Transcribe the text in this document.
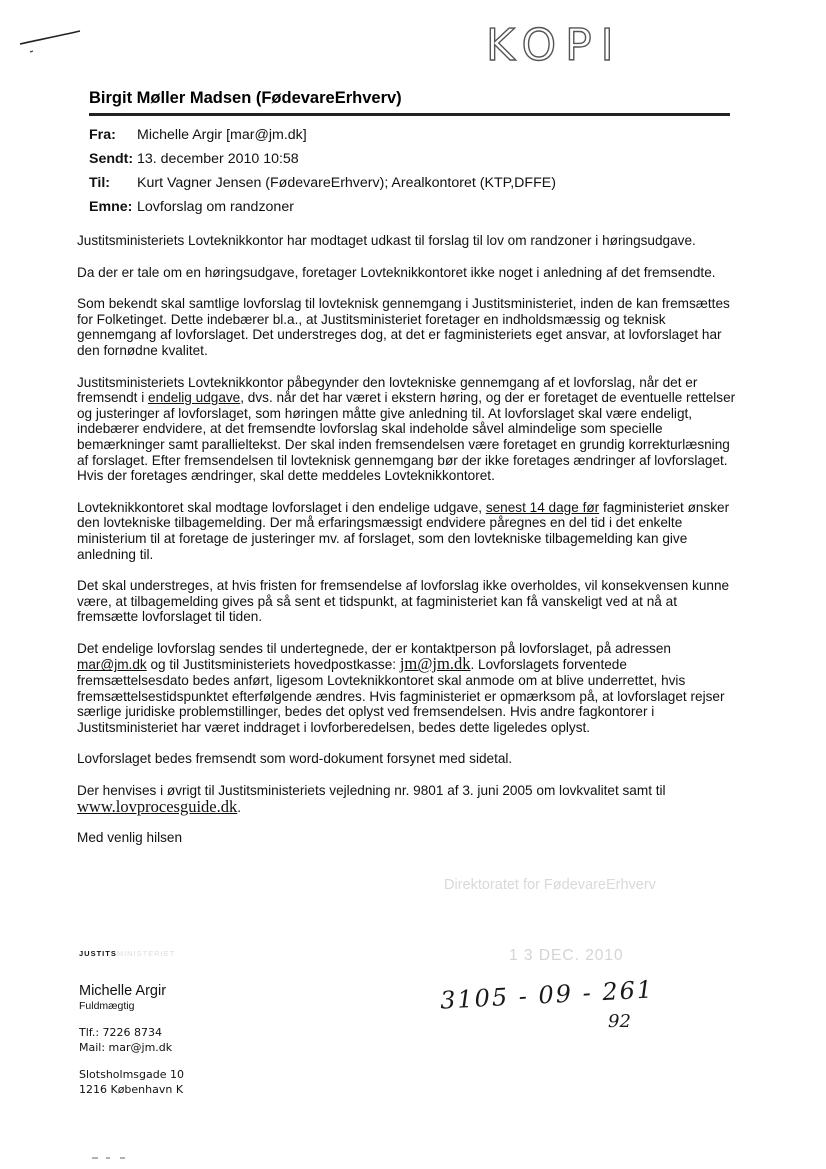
KOPI
Birgit Møller Madsen (FødevareErhverv)
Fra:	Michelle Argir [mar@jm.dk]
Sendt: 13. december 2010 10:58
Til:	Kurt Vagner Jensen (FødevareErhverv); Arealkontoret (KTP,DFFE)
Emne: Lovforslag om randzoner

Justitsministeriets Lovteknikkontor har modtaget udkast til forslag til lov om randzoner i høringsudgave.

Da der er tale om en høringsudgave, foretager Lovteknikkontoret ikke noget i anledning af det fremsendte.

Som bekendt skal samtlige lovforslag til lovteknisk gennemgang i Justitsministeriet, inden de kan fremsættes
for Folketinget. Dette indebærer bl.a., at Justitsministeriet foretager en indholdsmæssig og teknisk
gennemgang af lovforslaget. Det understreges dog, at det er fagministeriets eget ansvar, at lovforslaget har
den fornødne kvalitet.

Justitsministeriets Lovteknikkontor påbegynder den lovtekniske gennemgang af et lovforslag, når det er
fremsendt i endelig udgave, dvs. når det har været i ekstern høring, og der er foretaget de eventuelle rettelser
og justeringer af lovforslaget, som høringen måtte give anledning til. At lovforslaget skal være endeligt,
indebærer endvidere, at det fremsendte lovforslag skal indeholde såvel almindelige som specielle
bemærkninger samt parallieltekst. Der skal inden fremsendelsen være foretaget en grundig korrekturlæsning
af forslaget. Efter fremsendelsen til lovteknisk gennemgang bør der ikke foretages ændringer af lovforslaget.
Hvis der foretages ændringer, skal dette meddeles Lovteknikkontoret.

Lovteknikkontoret skal modtage lovforslaget i den endelige udgave, senest 14 dage før fagministeriet ønsker
den lovtekniske tilbagemelding. Der må erfaringsmæssigt endvidere påregnes en del tid i det enkelte
ministerium til at foretage de justeringer mv. af forslaget, som den lovtekniske tilbagemelding kan give
anledning til.

Det skal understreges, at hvis fristen for fremsendelse af lovforslag ikke overholdes, vil konsekvensen kunne
være, at tilbagemelding gives på så sent et tidspunkt, at fagministeriet kan få vanskeligt ved at nå at
fremsætte lovforslaget til tiden.

Det endelige lovforslag sendes til undertegnede, der er kontaktperson på lovforslaget, på adressen
mar@jm.dk og til Justitsministeriets hovedpostkasse: jm@jm.dk. Lovforslagets forventede
fremsættelsesdato bedes anført, ligesom Lovteknikkontoret skal anmode om at blive underrettet, hvis
fremsættelsestidspunktet efterfølgende ændres. Hvis fagministeriet er opmærksom på, at lovforslaget rejser
særlige juridiske problemstillinger, bedes det oplyst ved fremsendelsen. Hvis andre fagkontorer i
Justitsministeriet har været inddraget i lovforberedelsen, bedes dette ligeledes oplyst.

Lovforslaget bedes fremsendt som word-dokument forsynet med sidetal.

Der henvises i øvrigt til Justitsministeriets vejledning nr. 9801 af 3. juni 2005 om lovkvalitet samt til
www.lovprocesguide.dk.

Med venlig hilsen
Direktoratet for FødevareErhverv
1 3 DEC. 2010
JUSTITSMINISTERIET
Michelle Argir
Fuldmægtig
Tlf.: 7226 8734
Mail: mar@jm.dk
Slotsholmsgade 10
1216 København K
3105 - 09 - 261
92
